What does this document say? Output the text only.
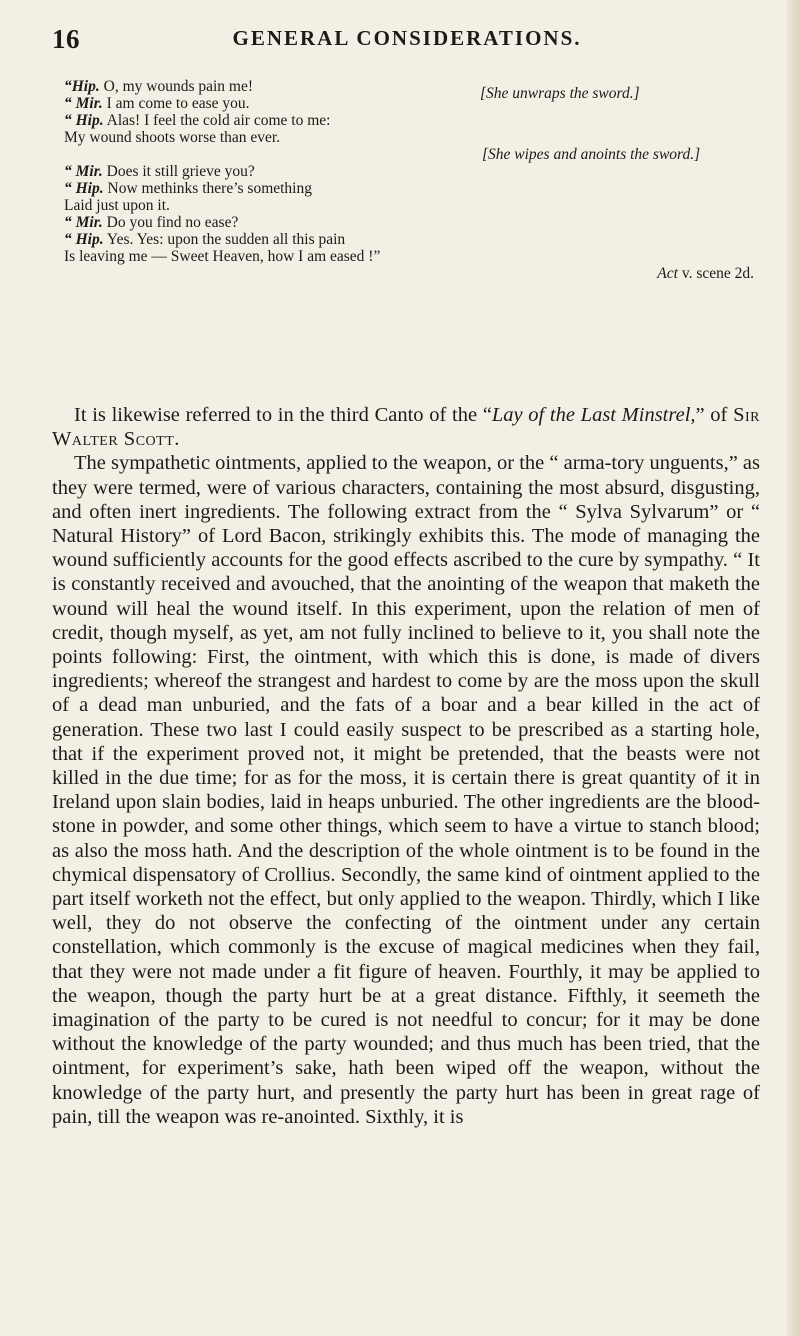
16	GENERAL CONSIDERATIONS.
“Hip. O, my wounds pain me!	[She unwraps the sword.]
“ Mir. I am come to ease you.
“ Hip. Alas! I feel the cold air come to me:
My wound shoots worse than ever.
[She wipes and anoints the sword.]
“ Mir. Does it still grieve you?
“ Hip. Now methinks there’s something
Laid just upon it.
“ Mir. Do you find no ease?
“ Hip. Yes. Yes: upon the sudden all this pain
Is leaving me — Sweet Heaven, how I am eased !”
Act v. scene 2d.

It is likewise referred to in the third Canto of the “Lay of the Last Minstrel,” of Sir Walter Scott.

The sympathetic ointments, applied to the weapon, or the “ arma-tory unguents,” as they were termed, were of various characters, containing the most absurd, disgusting, and often inert ingredients. The following extract from the “ Sylva Sylvarum” or “ Natural History” of Lord Bacon, strikingly exhibits this. The mode of managing the wound sufficiently accounts for the good effects ascribed to the cure by sympathy. “ It is constantly received and avouched, that the anointing of the weapon that maketh the wound will heal the wound itself. In this experiment, upon the relation of men of credit, though myself, as yet, am not fully inclined to believe to it, you shall note the points following: First, the ointment, with which this is done, is made of divers ingredients; whereof the strangest and hardest to come by are the moss upon the skull of a dead man unburied, and the fats of a boar and a bear killed in the act of generation. These two last I could easily suspect to be prescribed as a starting hole, that if the experiment proved not, it might be pretended, that the beasts were not killed in the due time; for as for the moss, it is certain there is great quantity of it in Ireland upon slain bodies, laid in heaps unburied. The other ingredients are the blood-stone in powder, and some other things, which seem to have a virtue to stanch blood; as also the moss hath. And the description of the whole ointment is to be found in the chymical dispensatory of Crollius. Secondly, the same kind of ointment applied to the part itself worketh not the effect, but only applied to the weapon. Thirdly, which I like well, they do not observe the confecting of the ointment under any certain constellation, which commonly is the excuse of magical medicines when they fail, that they were not made under a fit figure of heaven. Fourthly, it may be applied to the weapon, though the party hurt be at a great distance. Fifthly, it seemeth the imagination of the party to be cured is not needful to concur; for it may be done without the knowledge of the party wounded; and thus much has been tried, that the ointment, for experiment’s sake, hath been wiped off the weapon, without the knowledge of the party hurt, and presently the party hurt has been in great rage of pain, till the weapon was re-anointed. Sixthly, it is
